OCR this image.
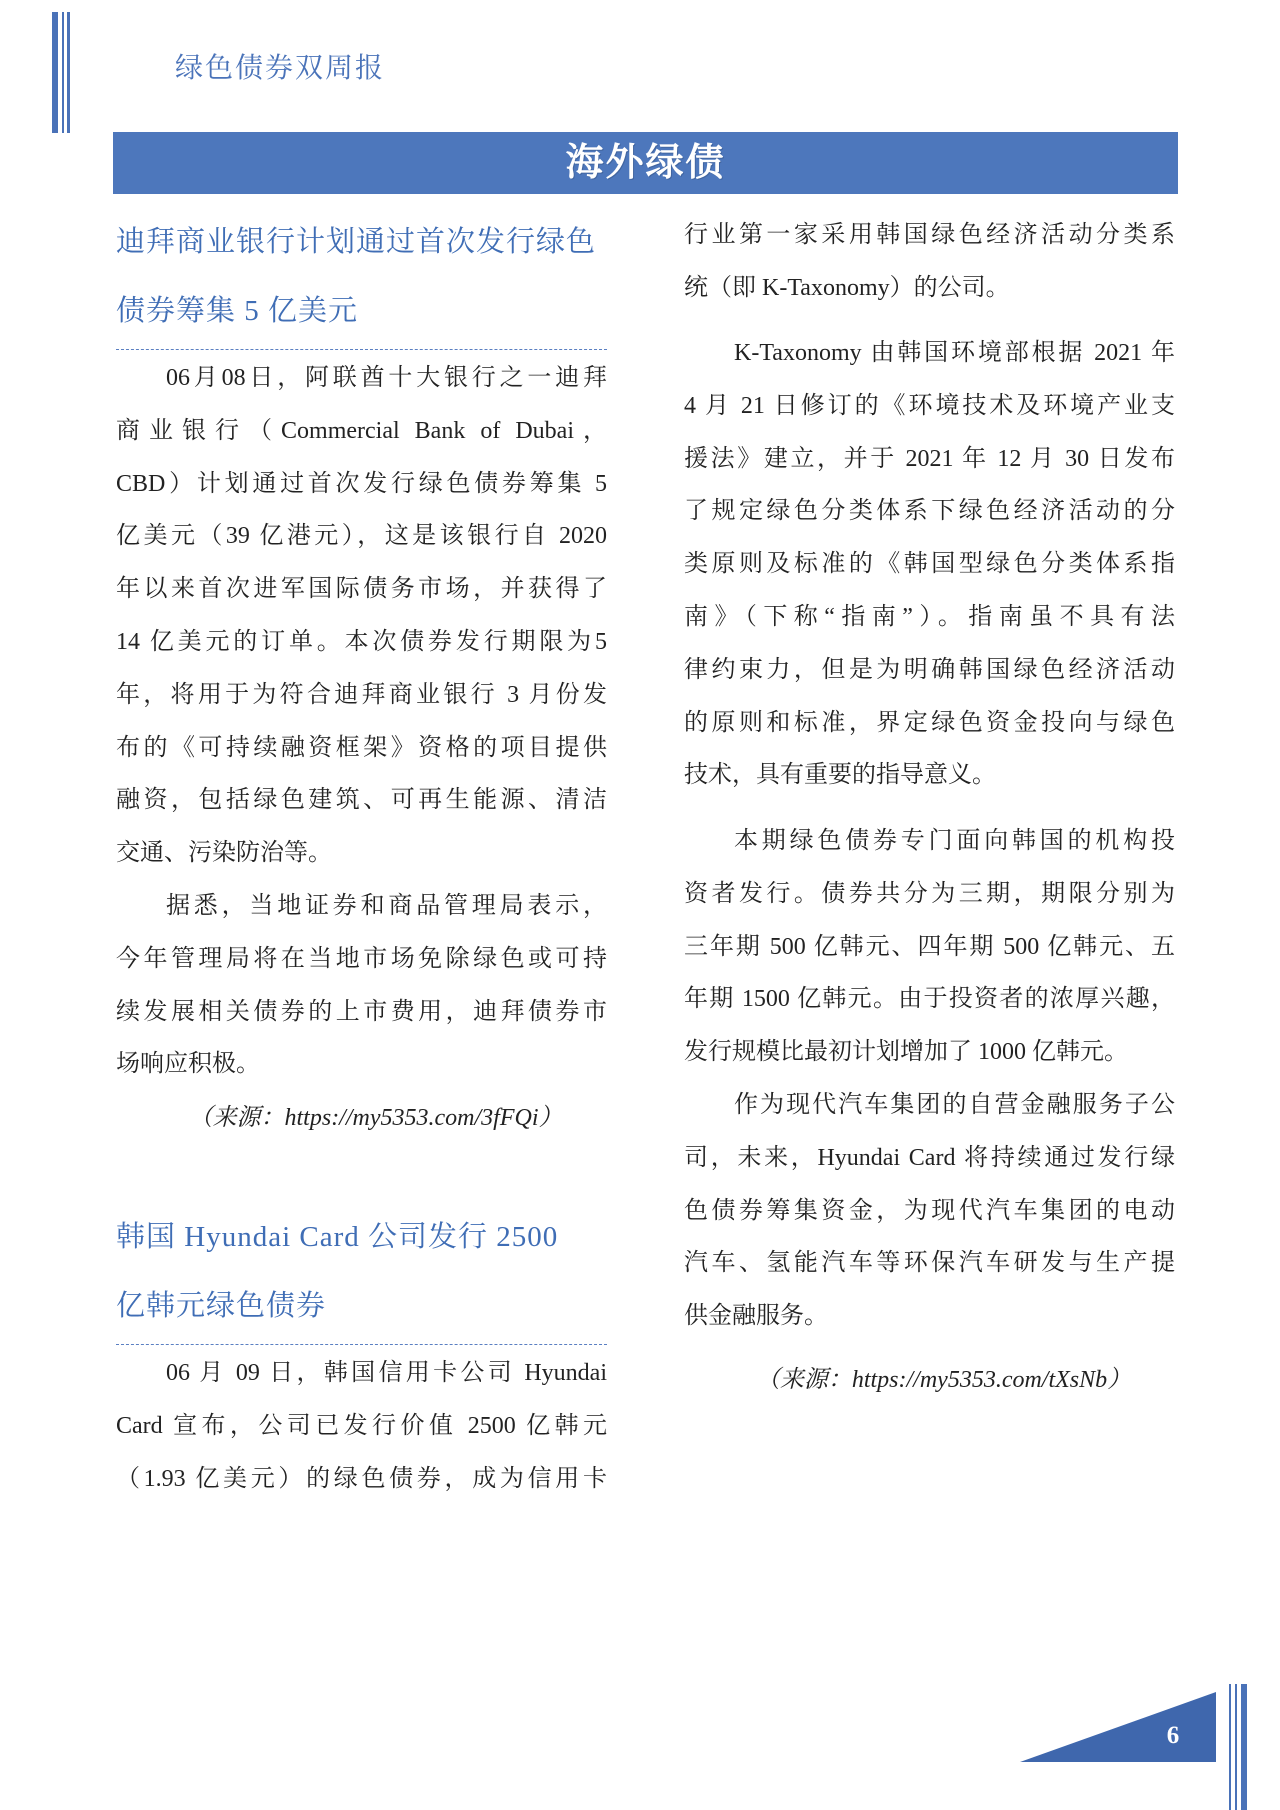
绿色债券双周报
海外绿债
迪拜商业银行计划通过首次发行绿色
债券筹集 5 亿美元
06月08日，阿联酋十大银行之一迪拜
商业银行（Commercial Bank of Dubai，
CBD）计划通过首次发行绿色债券筹集 5
亿美元（39 亿港元），这是该银行自 2020
年以来首次进军国际债务市场，并获得了
14 亿美元的订单。本次债券发行期限为5
年，将用于为符合迪拜商业银行 3 月份发
布的《可持续融资框架》资格的项目提供
融资，包括绿色建筑、可再生能源、清洁
交通、污染防治等。
据悉，当地证券和商品管理局表示，
今年管理局将在当地市场免除绿色或可持
续发展相关债券的上市费用，迪拜债券市
场响应积极。
（来源：https://my5353.com/3fFQi）
韩国 Hyundai Card 公司发行 2500
亿韩元绿色债券
06 月 09 日，韩国信用卡公司 Hyundai
Card 宣布，公司已发行价值 2500 亿韩元
（1.93 亿美元）的绿色债券，成为信用卡
行业第一家采用韩国绿色经济活动分类系
统（即 K-Taxonomy）的公司。
K-Taxonomy 由韩国环境部根据 2021 年
4 月 21 日修订的《环境技术及环境产业支
援法》建立，并于 2021 年 12 月 30 日发布
了规定绿色分类体系下绿色经济活动的分
类原则及标准的《韩国型绿色分类体系指
南》（下称“指南”）。指南虽不具有法
律约束力，但是为明确韩国绿色经济活动
的原则和标准，界定绿色资金投向与绿色
技术，具有重要的指导意义。
本期绿色债券专门面向韩国的机构投
资者发行。债券共分为三期，期限分别为
三年期 500 亿韩元、四年期 500 亿韩元、五
年期 1500 亿韩元。由于投资者的浓厚兴趣，
发行规模比最初计划增加了 1000 亿韩元。
作为现代汽车集团的自营金融服务子公
司，未来，Hyundai Card 将持续通过发行绿
色债券筹集资金，为现代汽车集团的电动
汽车、氢能汽车等环保汽车研发与生产提
供金融服务。
（来源：https://my5353.com/tXsNb）
6
